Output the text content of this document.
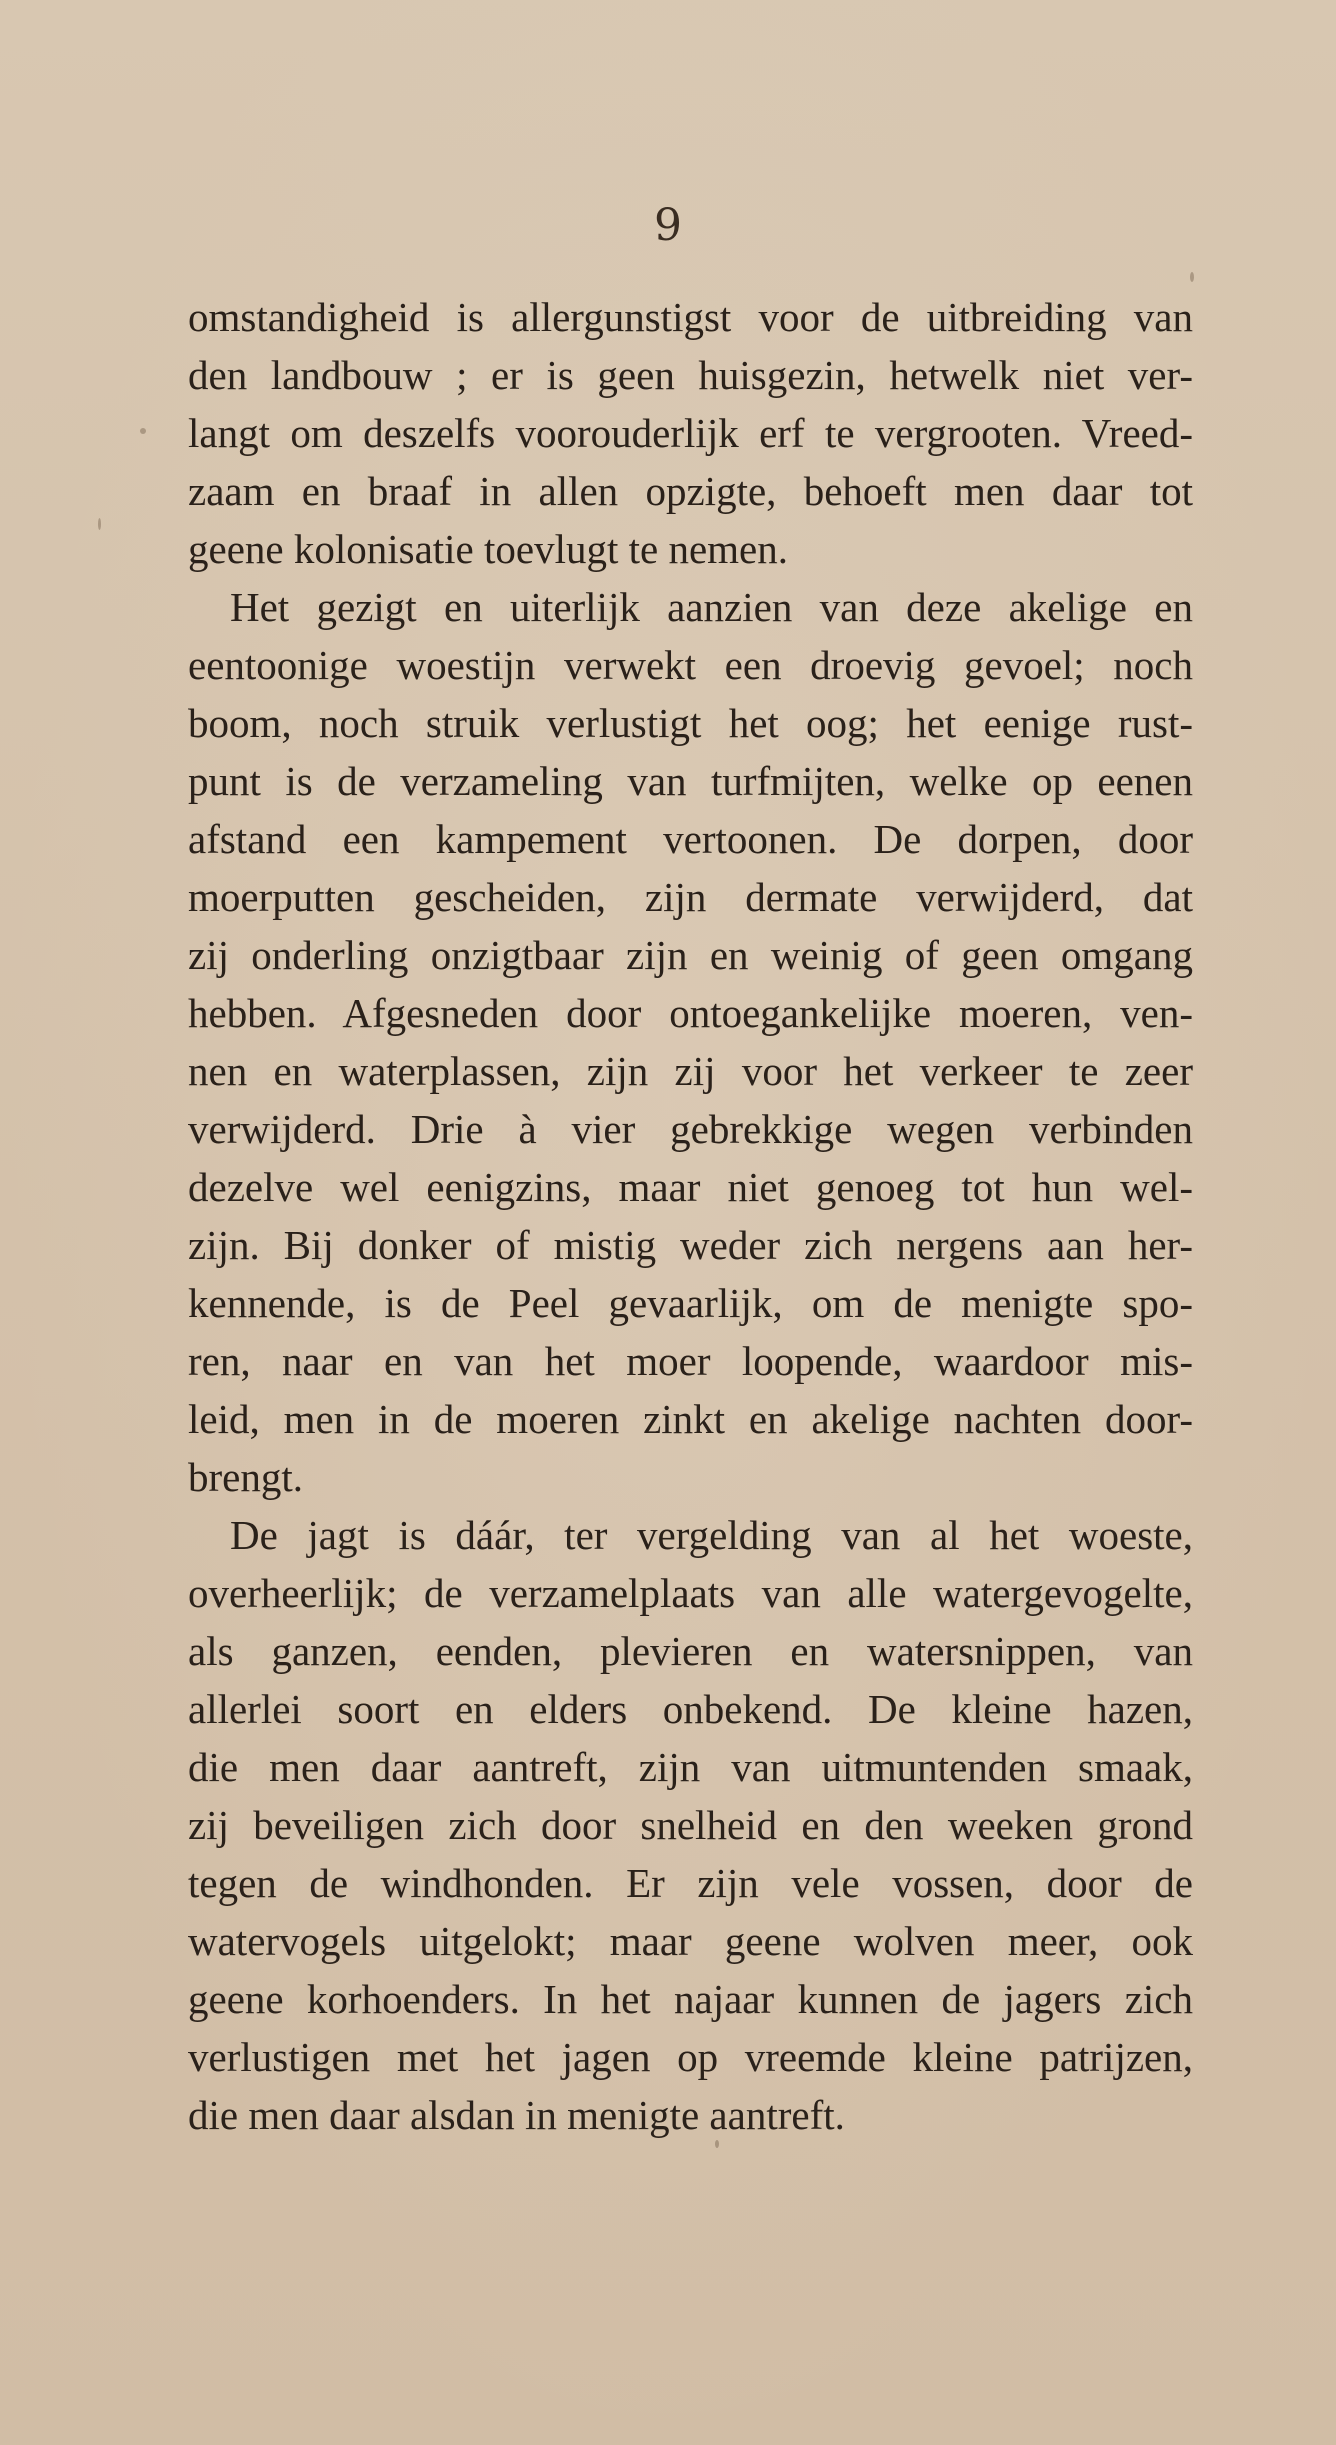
9

omstandigheid is allergunstigst voor de uitbreiding van
den landbouw ; er is geen huisgezin, hetwelk niet ver-
langt om deszelfs voorouderlijk erf te vergrooten. Vreed-
zaam en braaf in allen opzigte, behoeft men daar tot
geene kolonisatie toevlugt te nemen.

Het gezigt en uiterlijk aanzien van deze akelige en
eentoonige woestijn verwekt een droevig gevoel; noch
boom, noch struik verlustigt het oog; het eenige rust-
punt is de verzameling van turfmijten, welke op eenen
afstand een kampement vertoonen. De dorpen, door
moerputten gescheiden, zijn dermate verwijderd, dat
zij onderling onzigtbaar zijn en weinig of geen omgang
hebben. Afgesneden door ontoegankelijke moeren, ven-
nen en waterplassen, zijn zij voor het verkeer te zeer
verwijderd. Drie à vier gebrekkige wegen verbinden
dezelve wel eenigzins, maar niet genoeg tot hun wel-
zijn. Bij donker of mistig weder zich nergens aan her-
kennende, is de Peel gevaarlijk, om de menigte spo-
ren, naar en van het moer loopende, waardoor mis-
leid, men in de moeren zinkt en akelige nachten door-
brengt.

De jagt is dáár, ter vergelding van al het woeste,
overheerlijk; de verzamelplaats van alle watergevogelte,
als ganzen, eenden, plevieren en watersnippen, van
allerlei soort en elders onbekend. De kleine hazen,
die men daar aantreft, zijn van uitmuntenden smaak,
zij beveiligen zich door snelheid en den weeken grond
tegen de windhonden. Er zijn vele vossen, door de
watervogels uitgelokt; maar geene wolven meer, ook
geene korhoenders. In het najaar kunnen de jagers zich
verlustigen met het jagen op vreemde kleine patrijzen,
die men daar alsdan in menigte aantreft.
